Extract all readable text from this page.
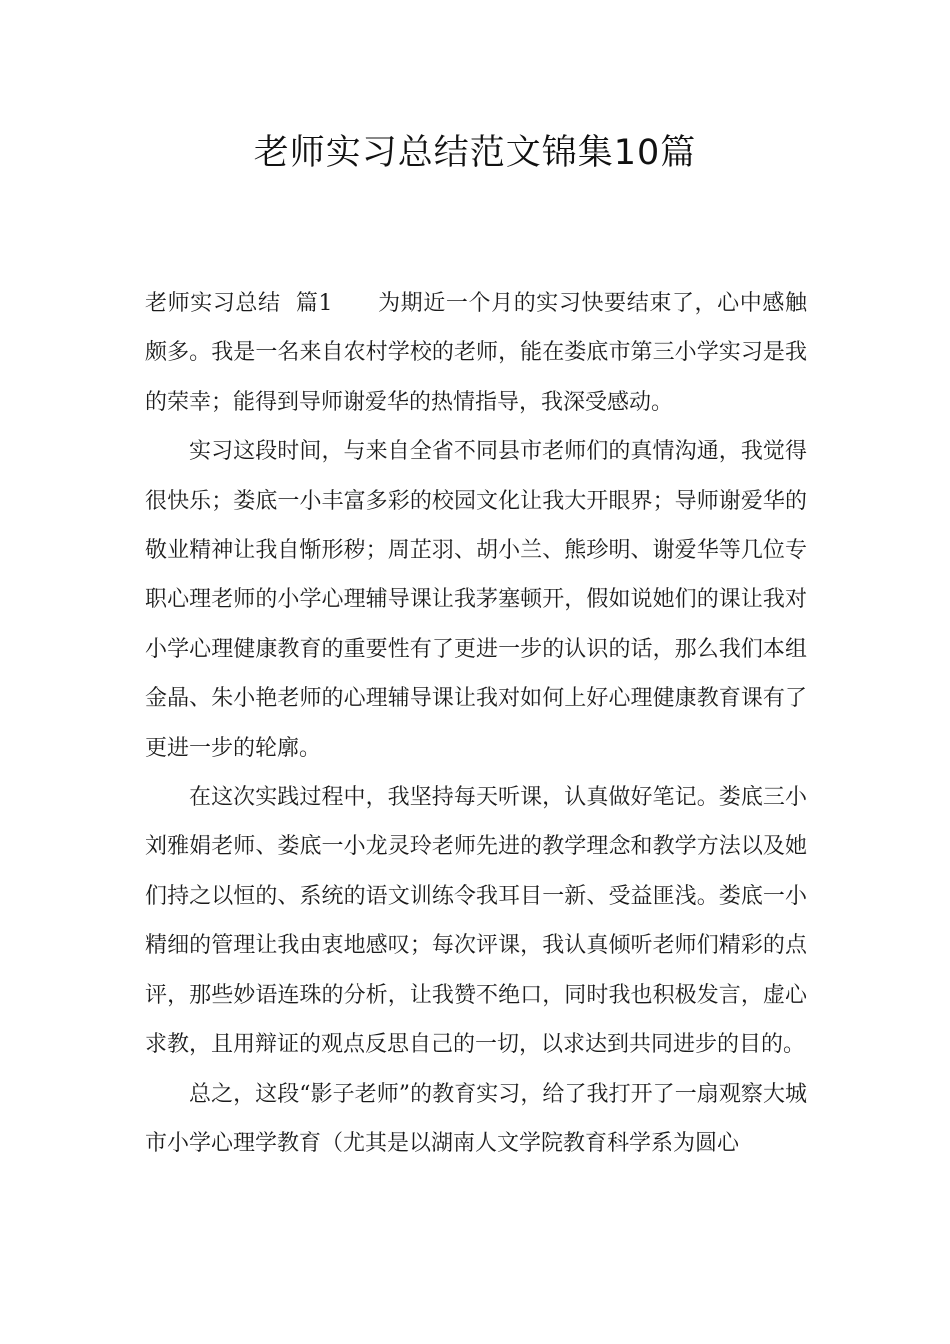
老师实习总结范文锦集10篇

老师实习总结  篇1 为期近一个月的实习快要结束了，心中感触颇多。我是一名来自农村学校的老师，能在娄底市第三小学实习是我的荣幸；能得到导师谢爱华的热情指导，我深受感动。

实习这段时间，与来自全省不同县市老师们的真情沟通，我觉得很快乐；娄底一小丰富多彩的校园文化让我大开眼界；导师谢爱华的敬业精神让我自惭形秽；周芷羽、胡小兰、熊珍明、谢爱华等几位专职心理老师的小学心理辅导课让我茅塞顿开，假如说她们的课让我对小学心理健康教育的重要性有了更进一步的认识的话，那么我们本组金晶、朱小艳老师的心理辅导课让我对如何上好心理健康教育课有了更进一步的轮廓。

在这次实践过程中，我坚持每天听课，认真做好笔记。娄底三小刘雅娟老师、娄底一小龙灵玲老师先进的教学理念和教学方法以及她们持之以恒的、系统的语文训练令我耳目一新、受益匪浅。娄底一小精细的管理让我由衷地感叹；每次评课，我认真倾听老师们精彩的点评，那些妙语连珠的分析，让我赞不绝口，同时我也积极发言，虚心求教，且用辩证的观点反思自己的一切，以求达到共同进步的目的。

总之，这段“影子老师”的教育实习，给了我打开了一扇观察大城市小学心理学教育（尤其是以湖南人文学院教育科学系为圆心
